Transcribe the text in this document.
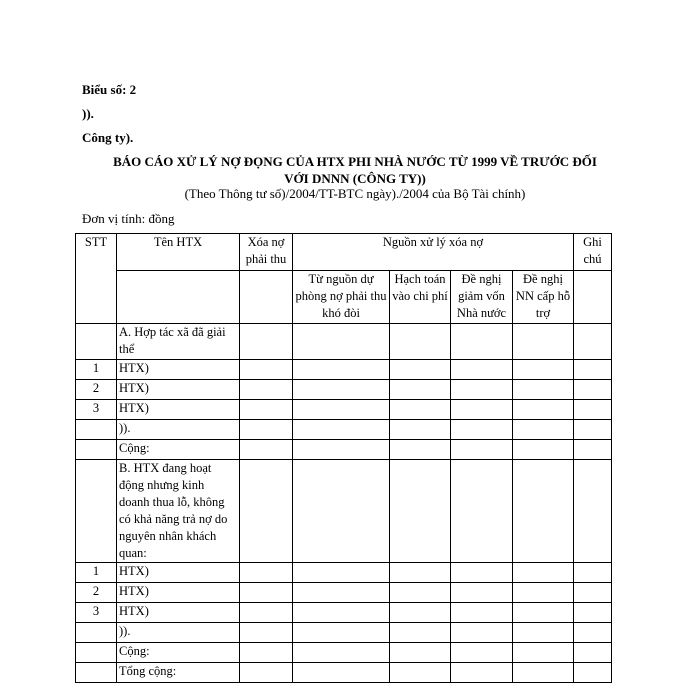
Biểu số: 2
)).
Công ty).
BÁO CÁO XỬ LÝ NỢ ĐỌNG CỦA HTX PHI NHÀ NƯỚC TỪ 1999 VỀ TRƯỚC ĐỐI
VỚI DNNN (CÔNG TY))
(Theo Thông tư số)/2004/TT-BTC ngày)./2004 của Bộ Tài chính)
Đơn vị tính: đồng
STT	Tên HTX	Xóa nợ phải thu	Nguồn xử lý xóa nợ				Ghi chú
			Từ nguồn dự phòng nợ phải thu khó đòi	Hạch toán vào chi phí	Đề nghị giảm vốn Nhà nước	Đề nghị NN cấp hỗ trợ	
	A. Hợp tác xã đã giải thể						
1	HTX)						
2	HTX)						
3	HTX)						
	)).						
	Cộng:						
	B. HTX đang hoạt động nhưng kinh doanh thua lỗ, không có khả năng trả nợ do nguyên nhân khách quan:						
1	HTX)						
2	HTX)						
3	HTX)						
	)).						
	Cộng:						
	Tổng cộng:						
